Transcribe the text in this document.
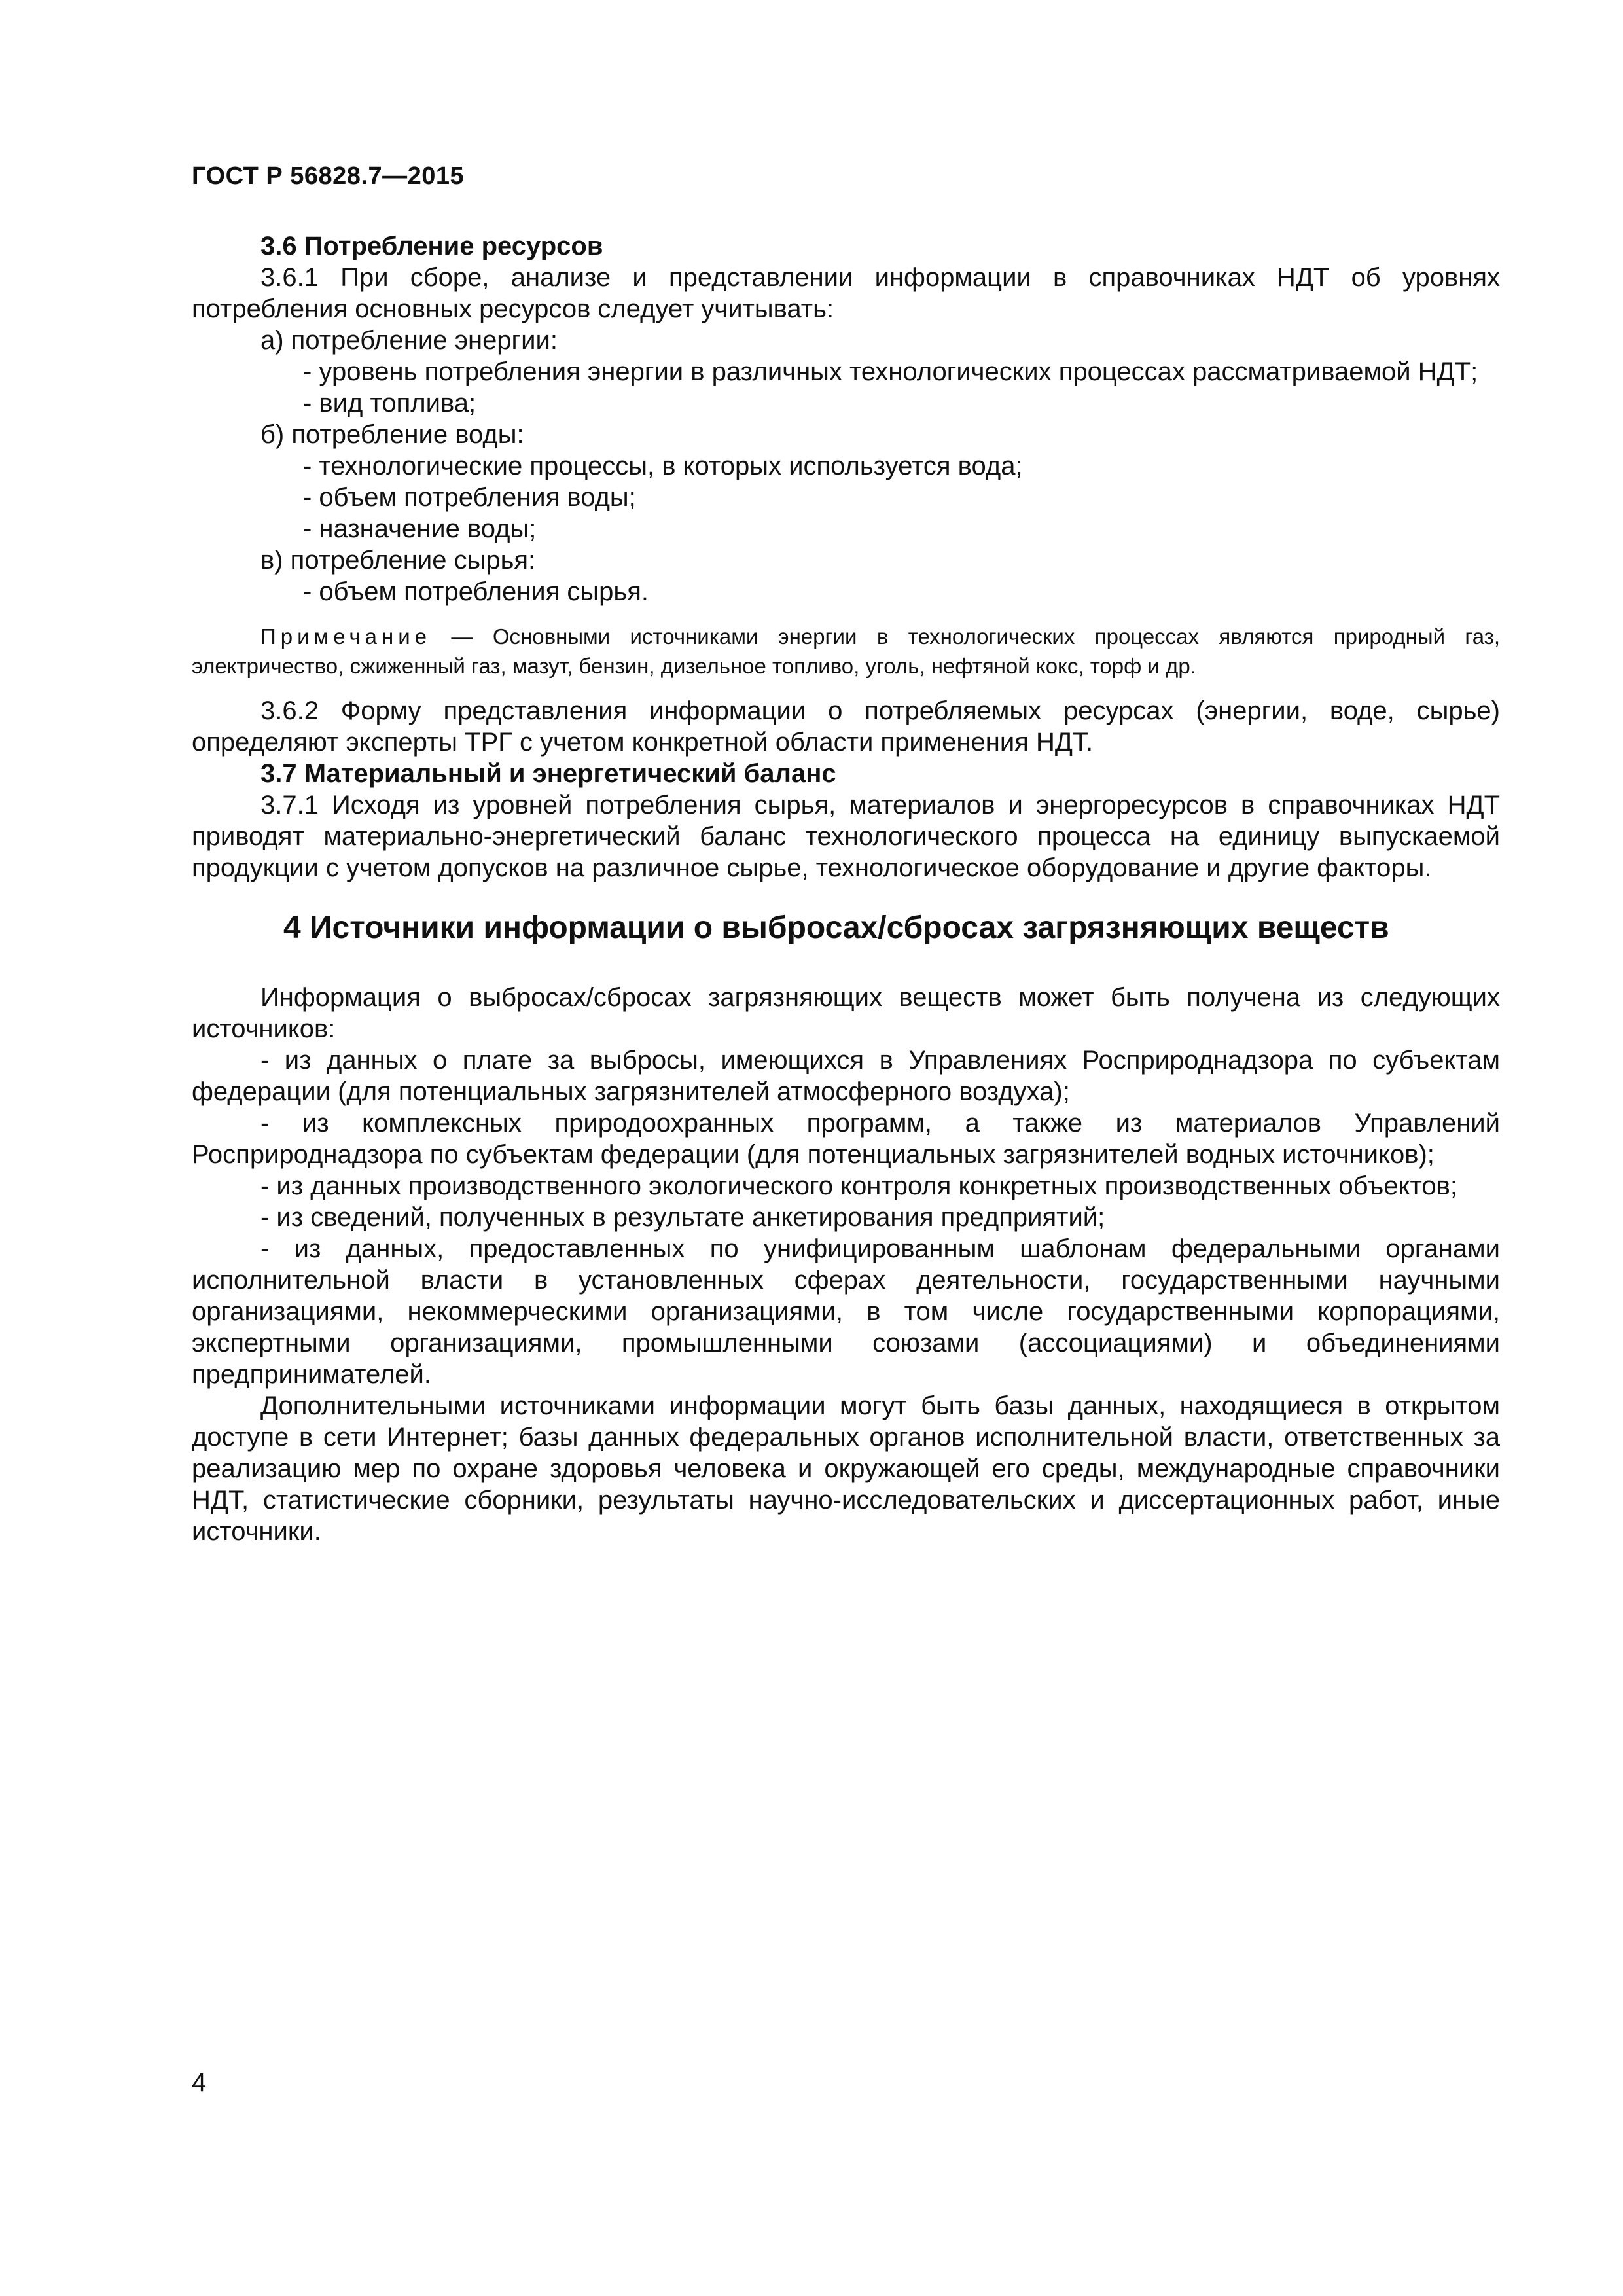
ГОСТ Р 56828.7—2015

3.6 Потребление ресурсов

3.6.1 При сборе, анализе и представлении информации в справочниках НДТ об уровнях потребления основных ресурсов следует учитывать:

а) потребление энергии:

- уровень потребления энергии в различных технологических процессах рассматриваемой НДТ;

- вид топлива;

б) потребление воды:

- технологические процессы, в которых используется вода;

- объем потребления воды;

- назначение воды;

в) потребление сырья:

- объем потребления сырья.

Примечание — Основными источниками энергии в технологических процессах являются природный газ, электричество, сжиженный газ, мазут, бензин, дизельное топливо, уголь, нефтяной кокс, торф и др.

3.6.2 Форму представления информации о потребляемых ресурсах (энергии, воде, сырье) определяют эксперты ТРГ с учетом конкретной области применения НДТ.

3.7 Материальный и энергетический баланс

3.7.1 Исходя из уровней потребления сырья, материалов и энергоресурсов в справочниках НДТ приводят материально-энергетический баланс технологического процесса на единицу выпускаемой продукции с учетом допусков на различное сырье, технологическое оборудование и другие факторы.

4 Источники информации о выбросах/сбросах загрязняющих веществ

Информация о выбросах/сбросах загрязняющих веществ может быть получена из следующих источников:

- из данных о плате за выбросы, имеющихся в Управлениях Росприроднадзора по субъектам федерации (для потенциальных загрязнителей атмосферного воздуха);

- из комплексных природоохранных программ, а также из материалов Управлений Росприроднадзора по субъектам федерации (для потенциальных загрязнителей водных источников);

- из данных производственного экологического контроля конкретных производственных объектов;

- из сведений, полученных в результате анкетирования предприятий;

- из данных, предоставленных по унифицированным шаблонам федеральными органами исполнительной власти в установленных сферах деятельности, государственными научными организациями, некоммерческими организациями, в том числе государственными корпорациями, экспертными организациями, промышленными союзами (ассоциациями) и объединениями предпринимателей.

Дополнительными источниками информации могут быть базы данных, находящиеся в открытом доступе в сети Интернет; базы данных федеральных органов исполнительной власти, ответственных за реализацию мер по охране здоровья человека и окружающей его среды, международные справочники НДТ, статистические сборники, результаты научно-исследовательских и диссертационных работ, иные источники.

4
